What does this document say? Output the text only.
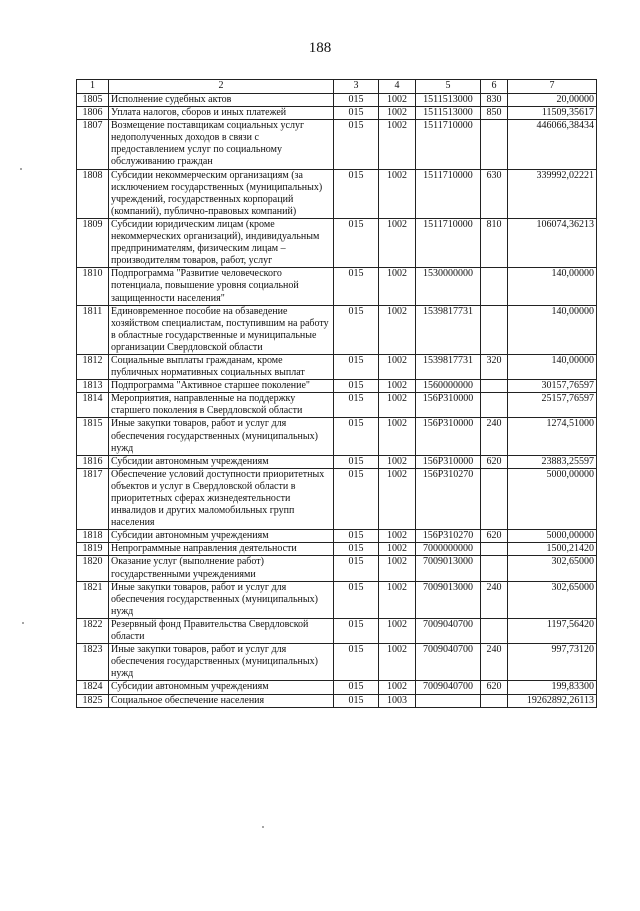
188
1	2	3	4	5	6	7
1805	Исполнение судебных актов	015	1002	1511513000	830	20,00000
1806	Уплата налогов, сборов и иных платежей	015	1002	1511513000	850	11509,35617
1807	Возмещение поставщикам социальных услуг недополученных доходов в связи с предоставлением услуг по социальному обслуживанию граждан	015	1002	1511710000		446066,38434
1808	Субсидии некоммерческим организациям (за исключением государственных (муниципальных) учреждений, государственных корпораций (компаний), публично-правовых компаний)	015	1002	1511710000	630	339992,02221
1809	Субсидии юридическим лицам (кроме некоммерческих организаций), индивидуальным предпринимателям, физическим лицам – производителям товаров, работ, услуг	015	1002	1511710000	810	106074,36213
1810	Подпрограмма "Развитие человеческого потенциала, повышение уровня социальной защищенности населения"	015	1002	1530000000		140,00000
1811	Единовременное пособие на обзаведение хозяйством специалистам, поступившим на работу в областные государственные и муниципальные организации Свердловской области	015	1002	1539817731		140,00000
1812	Социальные выплаты гражданам, кроме публичных нормативных социальных выплат	015	1002	1539817731	320	140,00000
1813	Подпрограмма "Активное старшее поколение"	015	1002	1560000000		30157,76597
1814	Мероприятия, направленные на поддержку старшего поколения в Свердловской области	015	1002	156P310000		25157,76597
1815	Иные закупки товаров, работ и услуг для обеспечения государственных (муниципальных) нужд	015	1002	156P310000	240	1274,51000
1816	Субсидии автономным учреждениям	015	1002	156P310000	620	23883,25597
1817	Обеспечение условий доступности приоритетных объектов и услуг в Свердловской области в приоритетных сферах жизнедеятельности инвалидов и других маломобильных групп населения	015	1002	156P310270		5000,00000
1818	Субсидии автономным учреждениям	015	1002	156P310270	620	5000,00000
1819	Непрограммные направления деятельности	015	1002	7000000000		1500,21420
1820	Оказание услуг (выполнение работ) государственными учреждениями	015	1002	7009013000		302,65000
1821	Иные закупки товаров, работ и услуг для обеспечения государственных (муниципальных) нужд	015	1002	7009013000	240	302,65000
1822	Резервный фонд Правительства Свердловской области	015	1002	7009040700		1197,56420
1823	Иные закупки товаров, работ и услуг для обеспечения государственных (муниципальных) нужд	015	1002	7009040700	240	997,73120
1824	Субсидии автономным учреждениям	015	1002	7009040700	620	199,83300
1825	Социальное обеспечение населения	015	1003			19262892,26113
